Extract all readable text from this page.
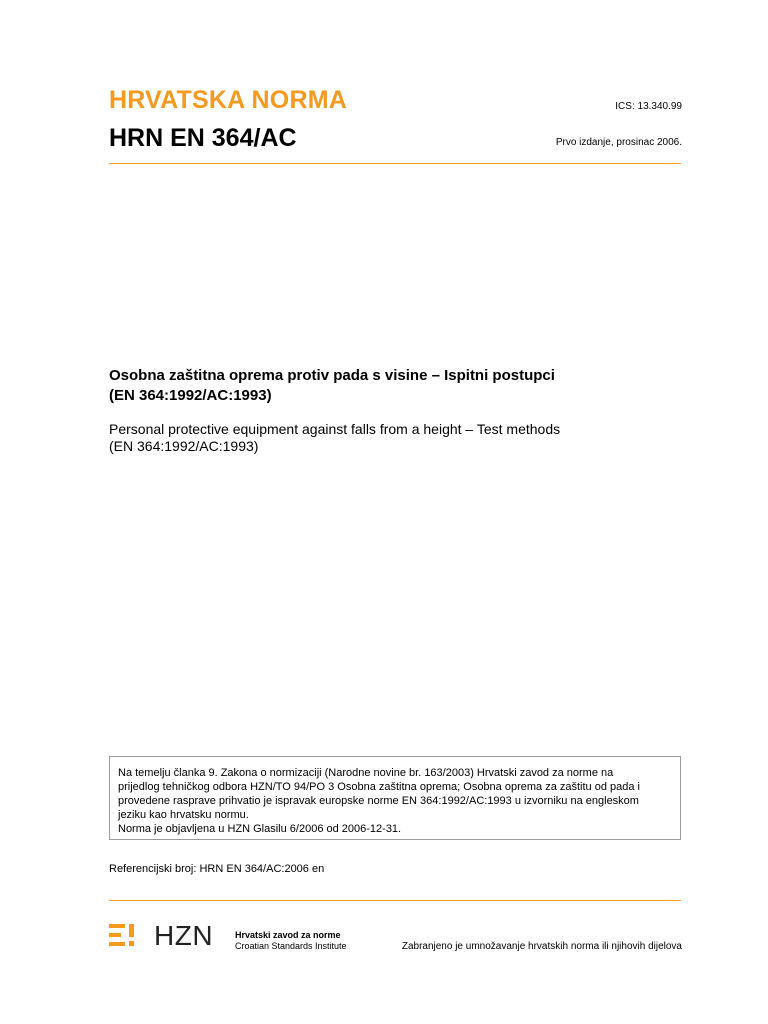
HRVATSKA NORMA
HRN EN 364/AC
ICS: 13.340.99
Prvo izdanje, prosinac 2006.
Osobna zaštitna oprema protiv pada s visine – Ispitni postupci
(EN 364:1992/AC:1993)
Personal protective equipment against falls from a height – Test methods
(EN 364:1992/AC:1993)
Na temelju članka 9. Zakona o normizaciji (Narodne novine br. 163/2003) Hrvatski zavod za norme na
prijedlog tehničkog odbora HZN/TO 94/PO 3 Osobna zaštitna oprema; Osobna oprema za zaštitu od pada i
provedene rasprave prihvatio je ispravak europske norme EN 364:1992/AC:1993 u izvorniku na engleskom
jeziku kao hrvatsku normu.
Norma je objavljena u HZN Glasilu 6/2006 od 2006-12-31.
Referencijski broj: HRN EN 364/AC:2006 en
HZN Hrvatski zavod za norme
Croatian Standards Institute	Zabranjeno je umnožavanje hrvatskih norma ili njihovih dijelova
